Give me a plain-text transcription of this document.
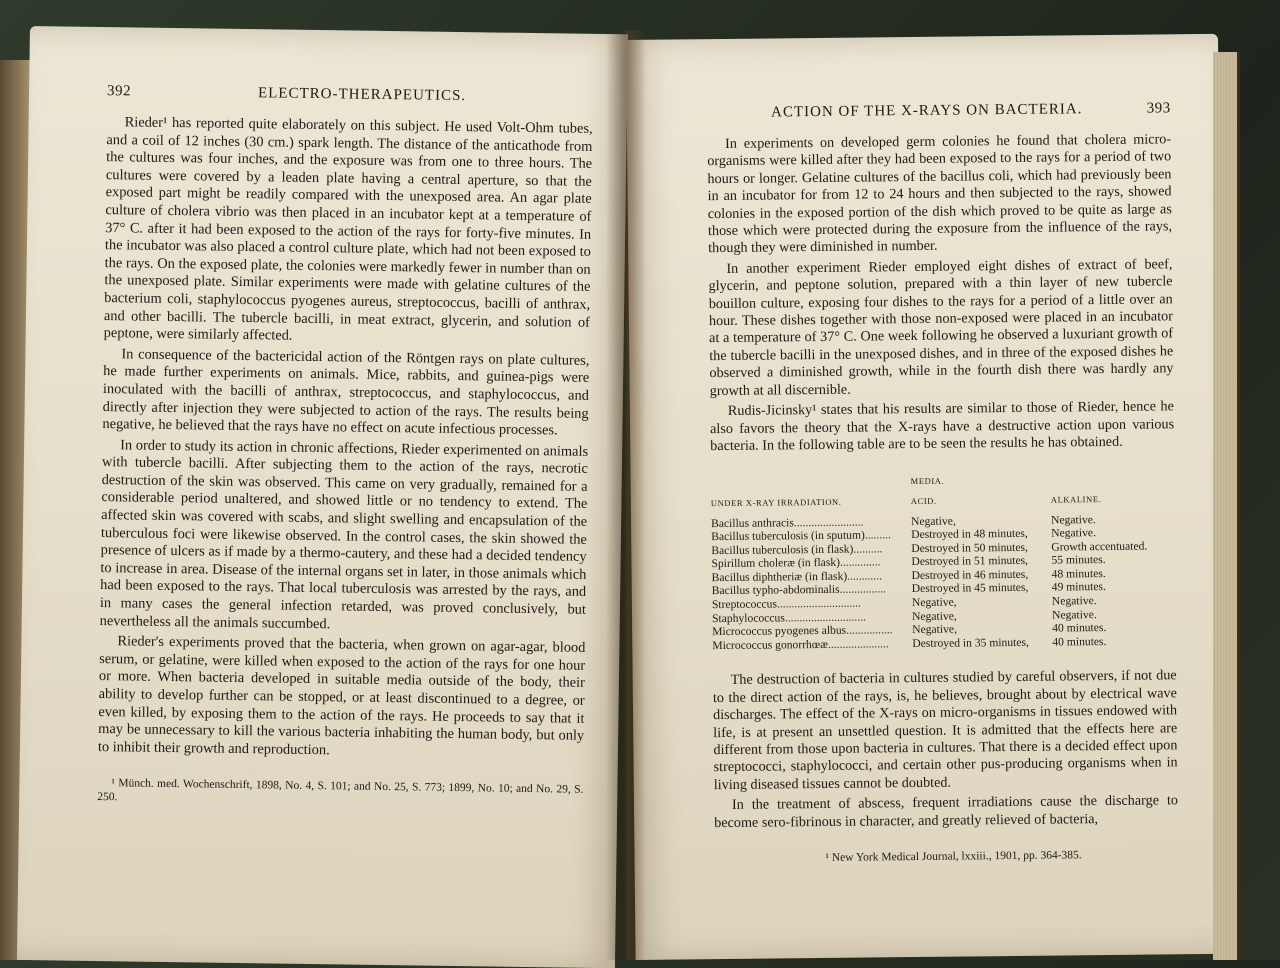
392	ELECTRO-THERAPEUTICS.

Rieder¹ has reported quite elaborately on this subject. He used Volt-Ohm tubes, and a coil of 12 inches (30 cm.) spark length. The distance of the anticathode from the cultures was four inches, and the exposure was from one to three hours. The cultures were covered by a leaden plate having a central aperture, so that the exposed part might be readily compared with the unexposed area. An agar plate culture of cholera vibrio was then placed in an incubator kept at a temperature of 37° C. after it had been exposed to the action of the rays for forty-five minutes. In the incubator was also placed a control culture plate, which had not been exposed to the rays. On the exposed plate, the colonies were markedly fewer in number than on the unexposed plate. Similar experiments were made with gelatine cultures of the bacterium coli, staphylococcus pyogenes aureus, streptococcus, bacilli of anthrax, and other bacilli. The tubercle bacilli, in meat extract, glycerin, and solution of peptone, were similarly affected.

In consequence of the bactericidal action of the Röntgen rays on plate cultures, he made further experiments on animals. Mice, rabbits, and guinea-pigs were inoculated with the bacilli of anthrax, streptococcus, and staphylococcus, and directly after injection they were subjected to action of the rays. The results being negative, he believed that the rays have no effect on acute infectious processes.

In order to study its action in chronic affections, Rieder experimented on animals with tubercle bacilli. After subjecting them to the action of the rays, necrotic destruction of the skin was observed. This came on very gradually, remained for a considerable period unaltered, and showed little or no tendency to extend. The affected skin was covered with scabs, and slight swelling and encapsulation of the tuberculous foci were likewise observed. In the control cases, the skin showed the presence of ulcers as if made by a thermo-cautery, and these had a decided tendency to increase in area. Disease of the internal organs set in later, in those animals which had been exposed to the rays. That local tuberculosis was arrested by the rays, and in many cases the general infection retarded, was proved conclusively, but nevertheless all the animals succumbed.

Rieder's experiments proved that the bacteria, when grown on agar-agar, blood serum, or gelatine, were killed when exposed to the action of the rays for one hour or more. When bacteria developed in suitable media outside of the body, their ability to develop further can be stopped, or at least discontinued to a degree, or even killed, by exposing them to the action of the rays. He proceeds to say that it may be unnecessary to kill the various bacteria inhabiting the human body, but only to inhibit their growth and reproduction.

¹ Münch. med. Wochenschrift, 1898, No. 4, S. 101; and No. 25, S. 773; 1899, No. 10; and No. 29, S. 250.
ACTION OF THE X-RAYS ON BACTERIA.	393

In experiments on developed germ colonies he found that cholera micro-organisms were killed after they had been exposed to the rays for a period of two hours or longer. Gelatine cultures of the bacillus coli, which had previously been in an incubator for from 12 to 24 hours and then subjected to the rays, showed colonies in the exposed portion of the dish which proved to be quite as large as those which were protected during the exposure from the influence of the rays, though they were diminished in number.

In another experiment Rieder employed eight dishes of extract of beef, glycerin, and peptone solution, prepared with a thin layer of new tubercle bouillon culture, exposing four dishes to the rays for a period of a little over an hour. These dishes together with those non-exposed were placed in an incubator at a temperature of 37° C. One week following he observed a luxuriant growth of the tubercle bacilli in the unexposed dishes, and in three of the exposed dishes he observed a diminished growth, while in the fourth dish there was hardly any growth at all discernible.

Rudis-Jicinsky¹ states that his results are similar to those of Rieder, hence he also favors the theory that the X-rays have a destructive action upon various bacteria. In the following table are to be seen the results he has obtained.

UNDER X-RAY IRRADIATION.	MEDIA.	
	ACID.	ALKALINE.
Bacillus anthracis........................	Negative,	Negative.
Bacillus tuberculosis (in sputum).........	Destroyed in 48 minutes,	Negative.
Bacillus tuberculosis (in flask)..........	Destroyed in 50 minutes,	Growth accentuated.
Spirillum choleræ (in flask)..............	Destroyed in 51 minutes,	55 minutes.
Bacillus diphtheriæ (in flask)............	Destroyed in 46 minutes,	48 minutes.
Bacillus typho-abdominalis................	Destroyed in 45 minutes,	49 minutes.
Streptococcus.............................	Negative,	Negative.
Staphylococcus............................	Negative,	Negative.
Micrococcus pyogenes albus................	Negative,	40 minutes.
Micrococcus gonorrhœæ.....................	Destroyed in 35 minutes,	40 minutes.

The destruction of bacteria in cultures studied by careful observers, if not due to the direct action of the rays, is, he believes, brought about by electrical wave discharges. The effect of the X-rays on micro-organisms in tissues endowed with life, is at present an unsettled question. It is admitted that the effects here are different from those upon bacteria in cultures. That there is a decided effect upon streptococci, staphylococci, and certain other pus-producing organisms when in living diseased tissues cannot be doubted.

In the treatment of abscess, frequent irradiations cause the discharge to become sero-fibrinous in character, and greatly relieved of bacteria,

¹ New York Medical Journal, lxxiii., 1901, pp. 364-385.
